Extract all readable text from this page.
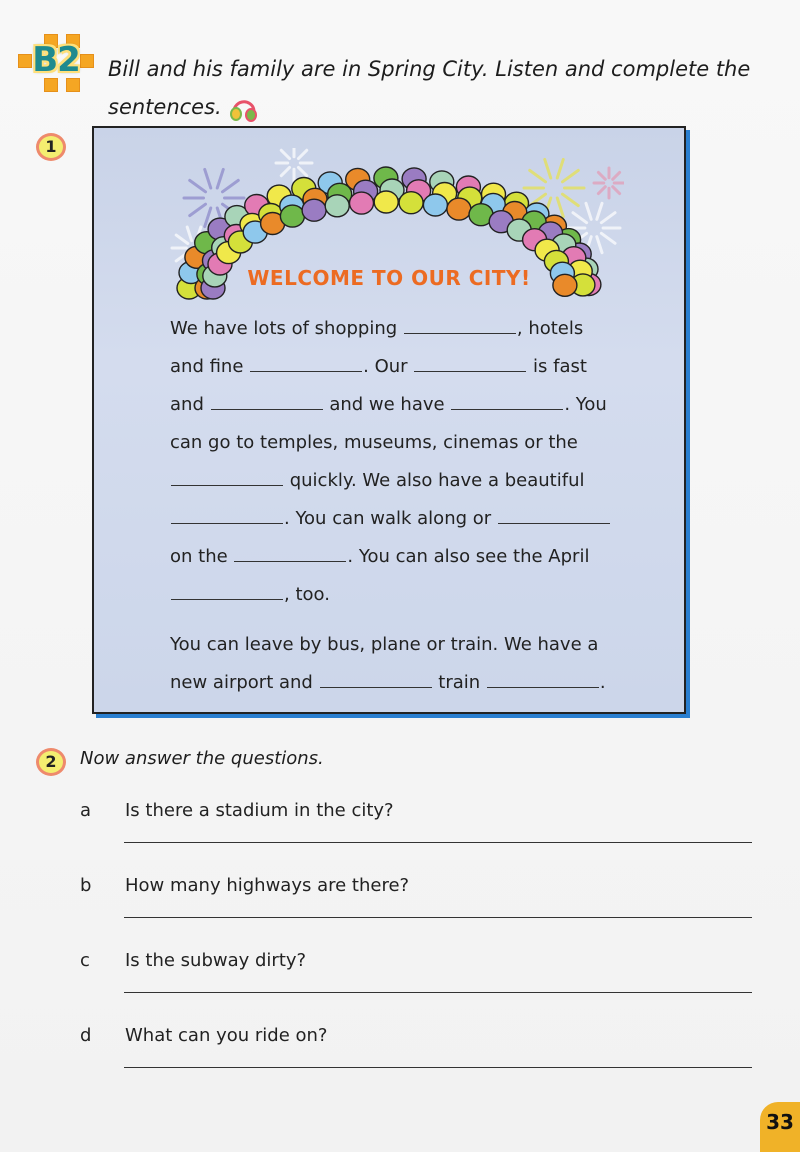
B2 Bill and his family are in Spring City. Listen and complete the sentences.
1
WELCOME TO OUR CITY!

We have lots of shopping	, hotels and fine	. Our	is fast and	and we have	. You can go to temples, museums, cinemas or the  quickly. We also have a beautiful . You can walk along or  on the	. You can also see the April , too.

You can leave by bus, plane or train. We have a new airport and	train	.

2	Now answer the questions.
a Is there a stadium in the city?
b How many highways are there?
c Is the subway dirty?
d What can you ride on?
33
